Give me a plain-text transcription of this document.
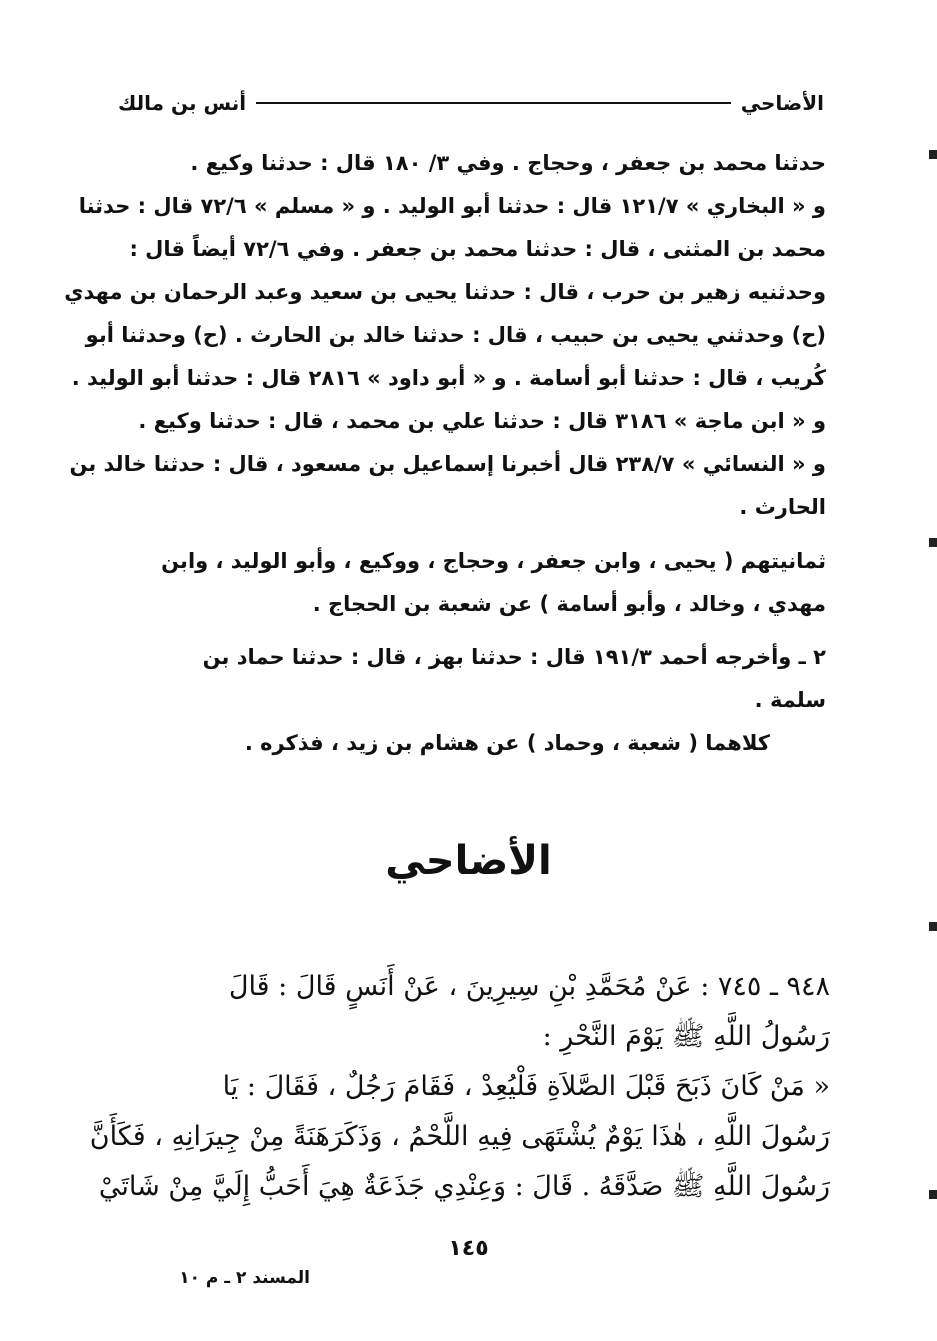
الأضاحي
أنس بن مالك
حدثنا محمد بن جعفر ، وحجاج . وفي ٣/ ١٨٠ قال : حدثنا وكيع .
و « البخاري » ١٢١/٧ قال : حدثنا أبو الوليد . و « مسلم » ٧٢/٦ قال : حدثنا
محمد بن المثنى ، قال : حدثنا محمد بن جعفر . وفي ٧٢/٦ أيضاً قال :
وحدثنيه زهير بن حرب ، قال : حدثنا يحيى بن سعيد وعبد الرحمان بن مهدي
(ح) وحدثني يحيى بن حبيب ، قال : حدثنا خالد بن الحارث . (ح) وحدثنا أبو
كُريب ، قال : حدثنا أبو أسامة . و « أبو داود » ٢٨١٦ قال : حدثنا أبو الوليد .
و « ابن ماجة » ٣١٨٦ قال : حدثنا علي بن محمد ، قال : حدثنا وكيع .
و « النسائي » ٢٣٨/٧ قال أخبرنا إسماعيل بن مسعود ، قال : حدثنا خالد بن
الحارث .
ثمانيتهم ( يحيى ، وابن جعفر ، وحجاج ، ووكيع ، وأبو الوليد ، وابن
مهدي ، وخالد ، وأبو أسامة ) عن شعبة بن الحجاج .
٢ ـ وأخرجه أحمد ١٩١/٣ قال : حدثنا بهز ، قال : حدثنا حماد بن
سلمة .
كلاهما ( شعبة ، وحماد ) عن هشام بن زيد ، فذكره .
الأضاحي
٩٤٨ ـ ٧٤٥ : عَنْ مُحَمَّدِ بْنِ سِيرِينَ ، عَنْ أَنَسٍ قَالَ : قَالَ
رَسُولُ اللَّهِ ﷺ يَوْمَ النَّحْرِ :
« مَنْ كَانَ ذَبَحَ قَبْلَ الصَّلاَةِ فَلْيُعِدْ ، فَقَامَ رَجُلٌ ، فَقَالَ : يَا
رَسُولَ اللَّهِ ، هٰذَا يَوْمٌ يُشْتَهَى فِيهِ اللَّحْمُ ، وَذَكَرَهَنَةً مِنْ جِيرَانِهِ ، فَكَأَنَّ
رَسُولَ اللَّهِ ﷺ صَدَّقَهُ . قَالَ : وَعِنْدِي جَذَعَةٌ هِيَ أَحَبُّ إِلَيَّ مِنْ شَاتَيْ
١٤٥
المسند ٢ ـ م ١٠
